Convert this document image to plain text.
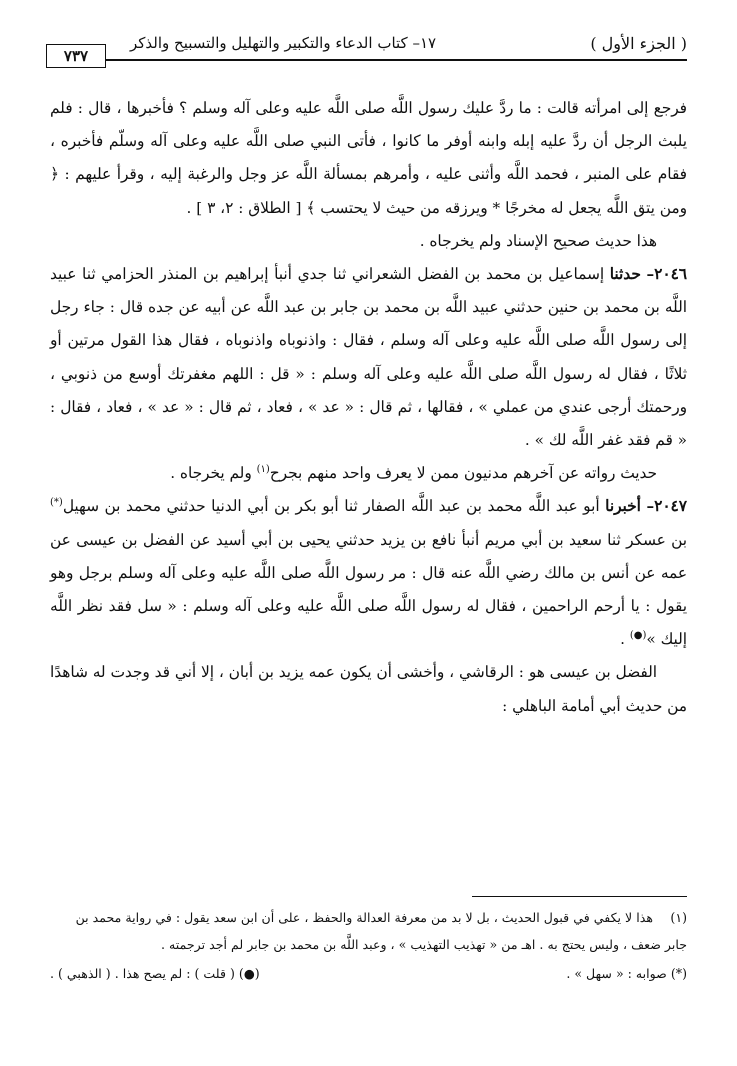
( الجزء الأول )
١٧– كتاب الدعاء والتكبير والتهليل والتسبيح والذكر
٧٣٧

فرجع إلى امرأته قالت : ما ردَّ عليك رسول اللَّه صلى اللَّه عليه وعلى آله وسلم ؟ فأخبرها ، قال : فلم يلبث الرجل أن ردَّ عليه إبله وابنه أوفر ما كانوا ، فأتى النبي صلى اللَّه عليه وعلى آله وسلّم فأخبره ، فقام على المنبر ، فحمد اللَّه وأثنى عليه ، وأمرهم بمسألة اللَّه عز وجل والرغبة إليه ، وقرأ عليهم : ﴿ ومن يتق اللَّه يجعل له مخرجًا * ويرزقه من حيث لا يحتسب ﴾ [ الطلاق : ٢، ٣ ] .

هذا حديث صحيح الإسناد ولم يخرجاه .

٢٠٤٦– حدثنا إسماعيل بن محمد بن الفضل الشعراني ثنا جدي أنبأ إبراهيم بن المنذر الحزامي ثنا عبيد اللَّه بن محمد بن حنين حدثني عبيد اللَّه بن محمد بن جابر بن عبد اللَّه عن أبيه عن جده قال : جاء رجل إلى رسول اللَّه صلى اللَّه عليه وعلى آله وسلم ، فقال : واذنوباه واذنوباه ، فقال هذا القول مرتين أو ثلاثًا ، فقال له رسول اللَّه صلى اللَّه عليه وعلى آله وسلم : « قل : اللهم مغفرتك أوسع من ذنوبي ، ورحمتك أرجى عندي من عملي » ، فقالها ، ثم قال : « عد » ، فعاد ، ثم قال : « عد » ، فعاد ، فقال : « قم فقد غفر اللَّه لك » .

حديث رواته عن آخرهم مدنيون ممن لا يعرف واحد منهم بجرح$^{(١)}$ ولم يخرجاه .

٢٠٤٧– أخبرنا أبو عبد اللَّه محمد بن عبد اللَّه الصفار ثنا أبو بكر بن أبي الدنيا حدثني محمد بن سهيل(*) بن عسكر ثنا سعيد بن أبي مريم أنبأ نافع بن يزيد حدثني يحيى بن أبي أسيد عن الفضل بن عيسى عن عمه عن أنس بن مالك رضي اللَّه عنه قال : مر رسول اللَّه صلى اللَّه عليه وعلى آله وسلم برجل وهو يقول : يا أرحم الراحمين ، فقال له رسول اللَّه صلى اللَّه عليه وعلى آله وسلم : « سل فقد نظر اللَّه إليك »(●) .

الفضل بن عيسى هو : الرقاشي ، وأخشى أن يكون عمه يزيد بن أبان ، إلا أني قد وجدت له شاهدًا من حديث أبي أمامة الباهلي :

(١)هذا لا يكفي في قبول الحديث ، بل لا بد من معرفة العدالة والحفظ ، على أن ابن سعد يقول : في رواية محمد بن جابر ضعف ، وليس يحتج به . اهـ من « تهذيب التهذيب » ، وعبد اللَّه بن محمد بن جابر لم أجد ترجمته .

(*) صوابه : « سهل » .
(●) ( قلت ) : لم يصح هذا . ( الذهبي ) .
